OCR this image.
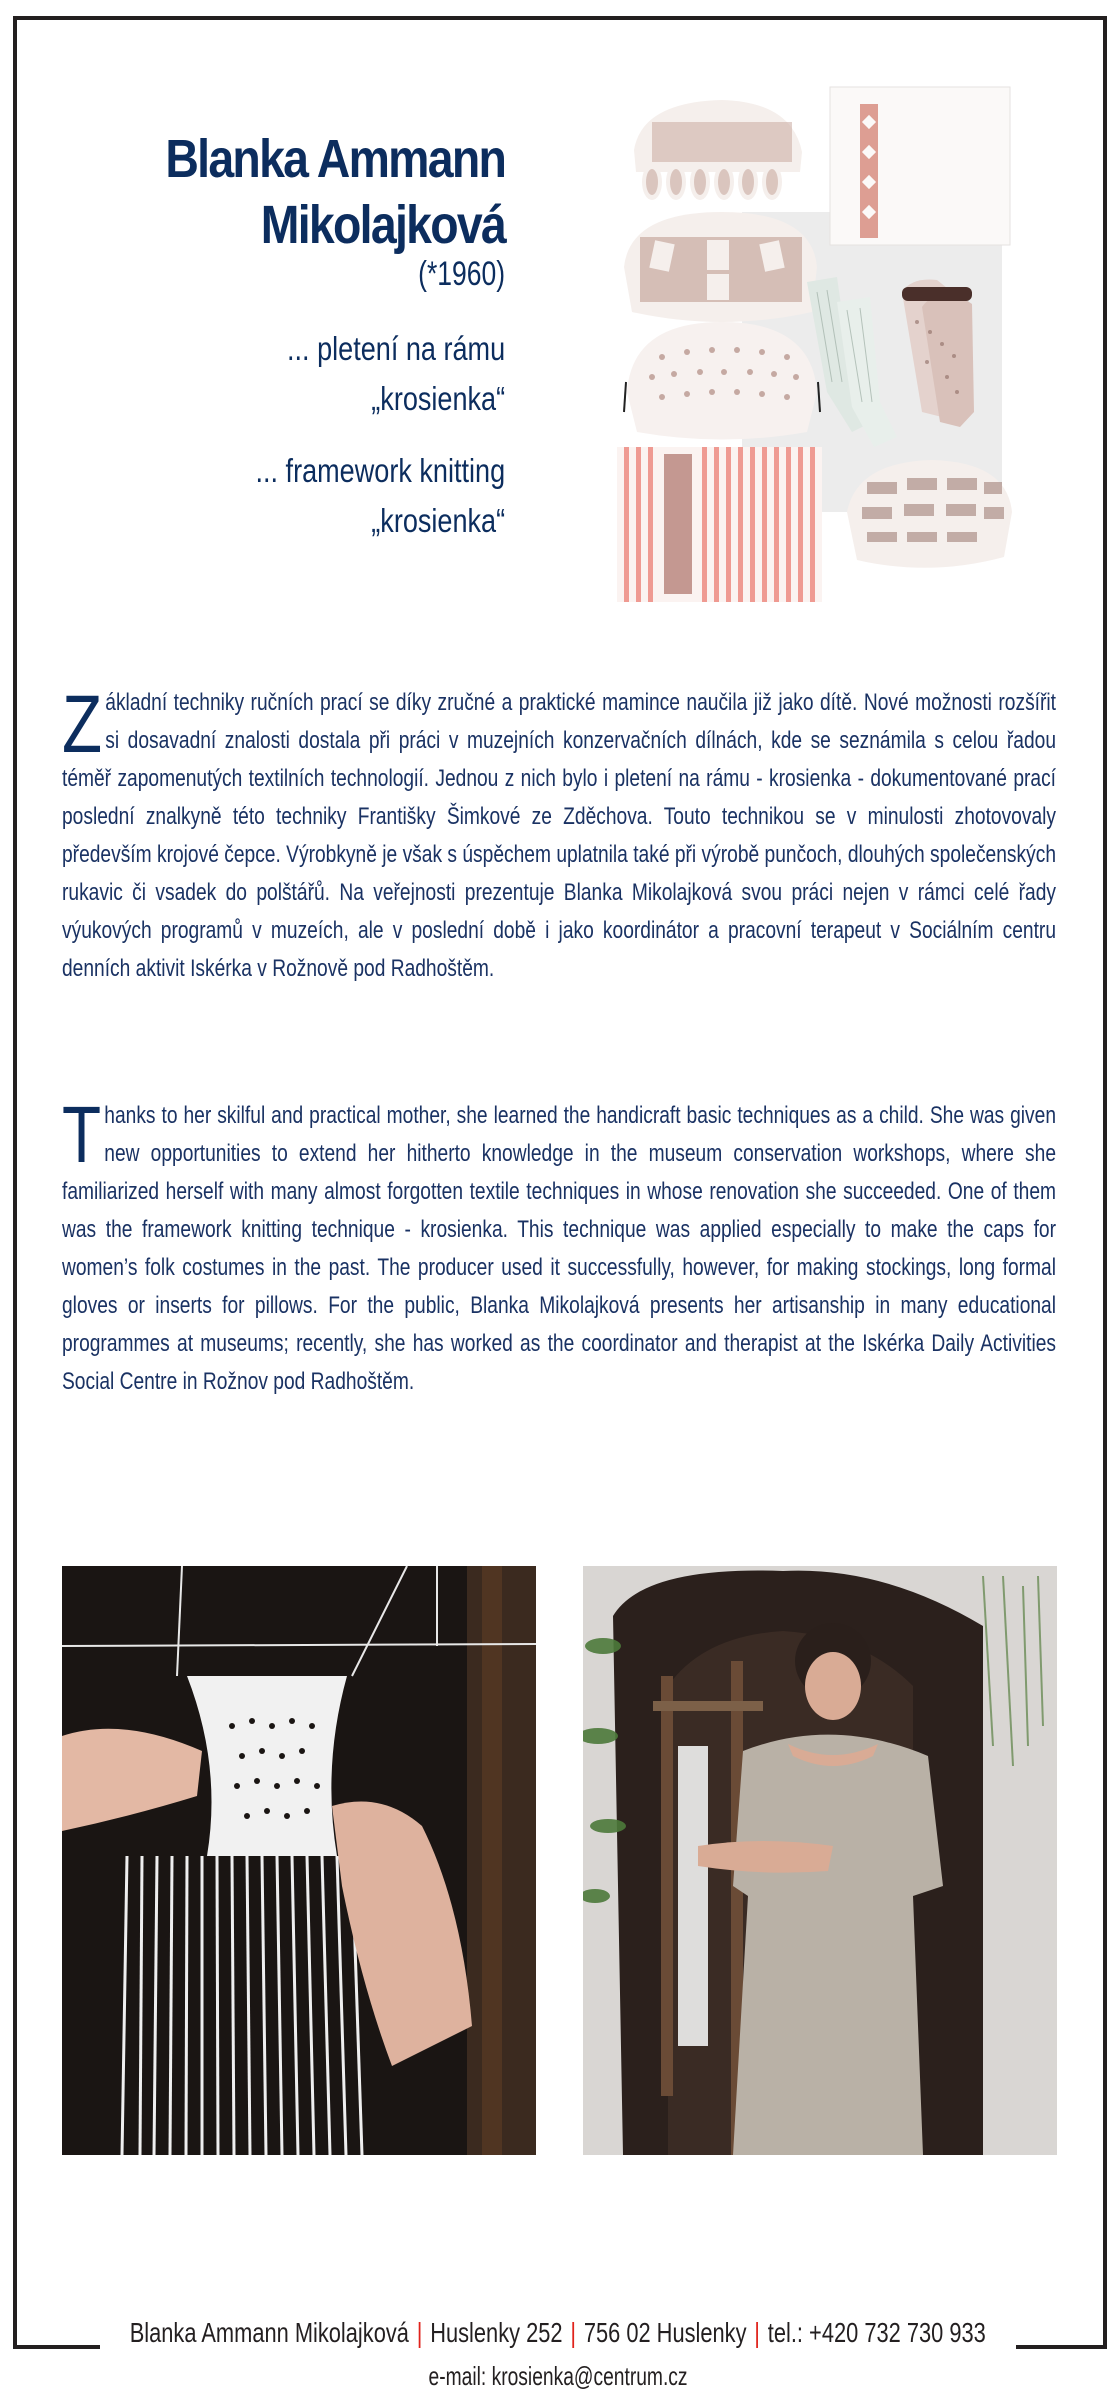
Blanka Ammann
Mikolajková
(*1960)
... pletení na rámu
„krosienka“
... framework knitting
„krosienka“
Základní techniky ručních prací se díky zručné a praktické mamince naučila již jako dítě. Nové možnosti rozšířit si dosavadní znalosti dostala při práci v muzejních konzervačních dílnách, kde se seznámila s celou řadou téměř zapomenutých textilních technologií. Jednou z nich bylo i pletení na rámu - krosienka - dokumentované prací poslední znalkyně této techniky Františky Šimkové ze Zděchova. Touto technikou se v minulosti zhotovovaly především krojové čepce. Výrobkyně je však s úspěchem uplatnila také při výrobě punčoch, dlouhých společenských rukavic či vsadek do polštářů. Na veřejnosti prezentuje Blanka Mikolajková svou práci nejen v rámci celé řady výukových programů v muzeích, ale v poslední době i jako koordinátor a pracovní terapeut v Sociálním centru denních aktivit Iskérka v Rožnově pod Radhoštěm.
Thanks to her skilful and practical mother, she learned the handicraft basic techniques as a child. She was given new opportunities to extend her hitherto knowledge in the museum conservation workshops, where she familiarized herself with many almost forgotten textile techniques in whose renovation she succeeded. One of them was the framework knitting technique - krosienka. This technique was applied especially to make the caps for women’s folk costumes in the past. The producer used it successfully, however, for making stockings, long formal gloves or inserts for pillows. For the public, Blanka Mikolajková presents her artisanship in many educational programmes at museums; recently, she has worked as the coordinator and therapist at the Iskérka Daily Activities Social Centre in Rožnov pod Radhoštěm.
Blanka Ammann Mikolajková | Huslenky 252 | 756 02 Huslenky | tel.: +420 732 730 933
e-mail: krosienka@centrum.cz
